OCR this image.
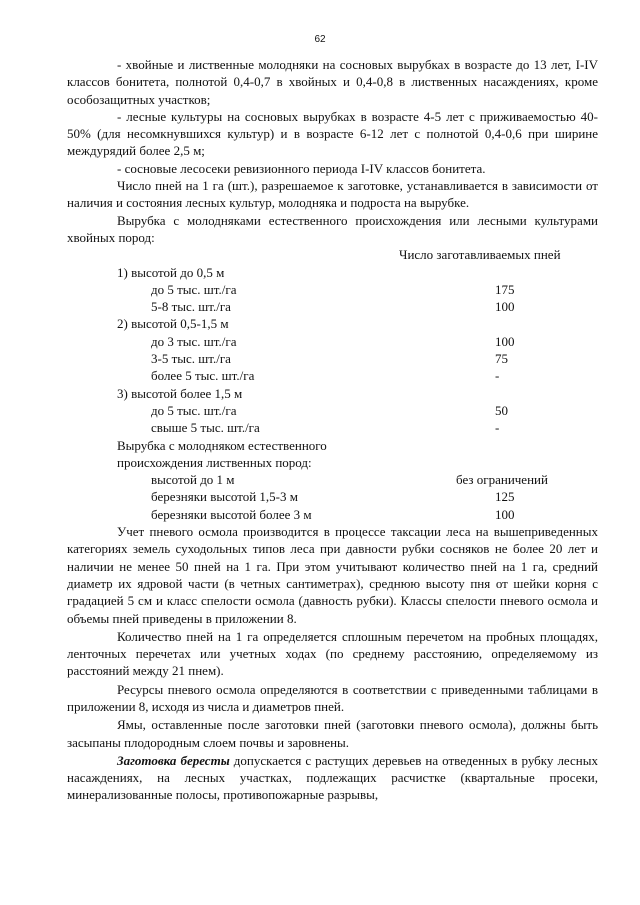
62

- хвойные и лиственные молодняки на сосновых вырубках в возрасте до 13 лет, I-IV классов бонитета, полнотой 0,4-0,7 в хвойных и 0,4-0,8 в лиственных насаждениях, кроме особозащитных участков;

- лесные культуры на сосновых вырубках в возрасте 4-5 лет с приживаемостью 40-50% (для несомкнувшихся культур) и в возрасте 6-12 лет с полнотой 0,4-0,6 при ширине междурядий более 2,5 м;

- сосновые лесосеки ревизионного периода I-IV классов бонитета.

Число пней на 1 га (шт.), разрешаемое к заготовке, устанавливается в зависимости от наличия и состояния лесных культур, молодняка и подроста на вырубке.

Вырубка с молодняками естественного происхождения или лесными культурами хвойных пород:

Число заготавливаемых пней
1) высотой до 0,5 м
до 5 тыс. шт./га	175
5-8 тыс. шт./га	100
2) высотой 0,5-1,5 м
до 3 тыс. шт./га	100
3-5 тыс. шт./га	75
более 5 тыс. шт./га	-
3) высотой более 1,5 м
до 5 тыс. шт./га	50
свыше 5 тыс. шт./га	-
Вырубка с молодняком естественного
происхождения лиственных пород:
высотой до 1 м	без ограничений
березняки высотой 1,5-3 м	125
березняки высотой более 3 м	100

Учет пневого осмола производится в процессе таксации леса на вышеприведенных категориях земель суходольных типов леса при давности рубки сосняков не более 20 лет и наличии не менее 50 пней на 1 га. При этом учитывают количество пней на 1 га, средний диаметр их ядровой части (в четных сантиметрах), среднюю высоту пня от шейки корня с градацией 5 см и класс спелости осмола (давность рубки). Классы спелости пневого осмола и объемы пней приведены в приложении 8.

Количество пней на 1 га определяется сплошным перечетом на пробных площадях, ленточных перечетах или учетных ходах (по среднему расстоянию, определяемому из расстояний между 21 пнем).

Ресурсы пневого осмола определяются в соответствии с приведенными таблицами в приложении 8, исходя из числа и диаметров пней.

Ямы, оставленные после заготовки пней (заготовки пневого осмола), должны быть засыпаны плодородным слоем почвы и заровнены.

Заготовка бересты допускается с растущих деревьев на отведенных в рубку лесных насаждениях, на лесных участках, подлежащих расчистке (квартальные просеки, минерализованные полосы, противопожарные разрывы,
